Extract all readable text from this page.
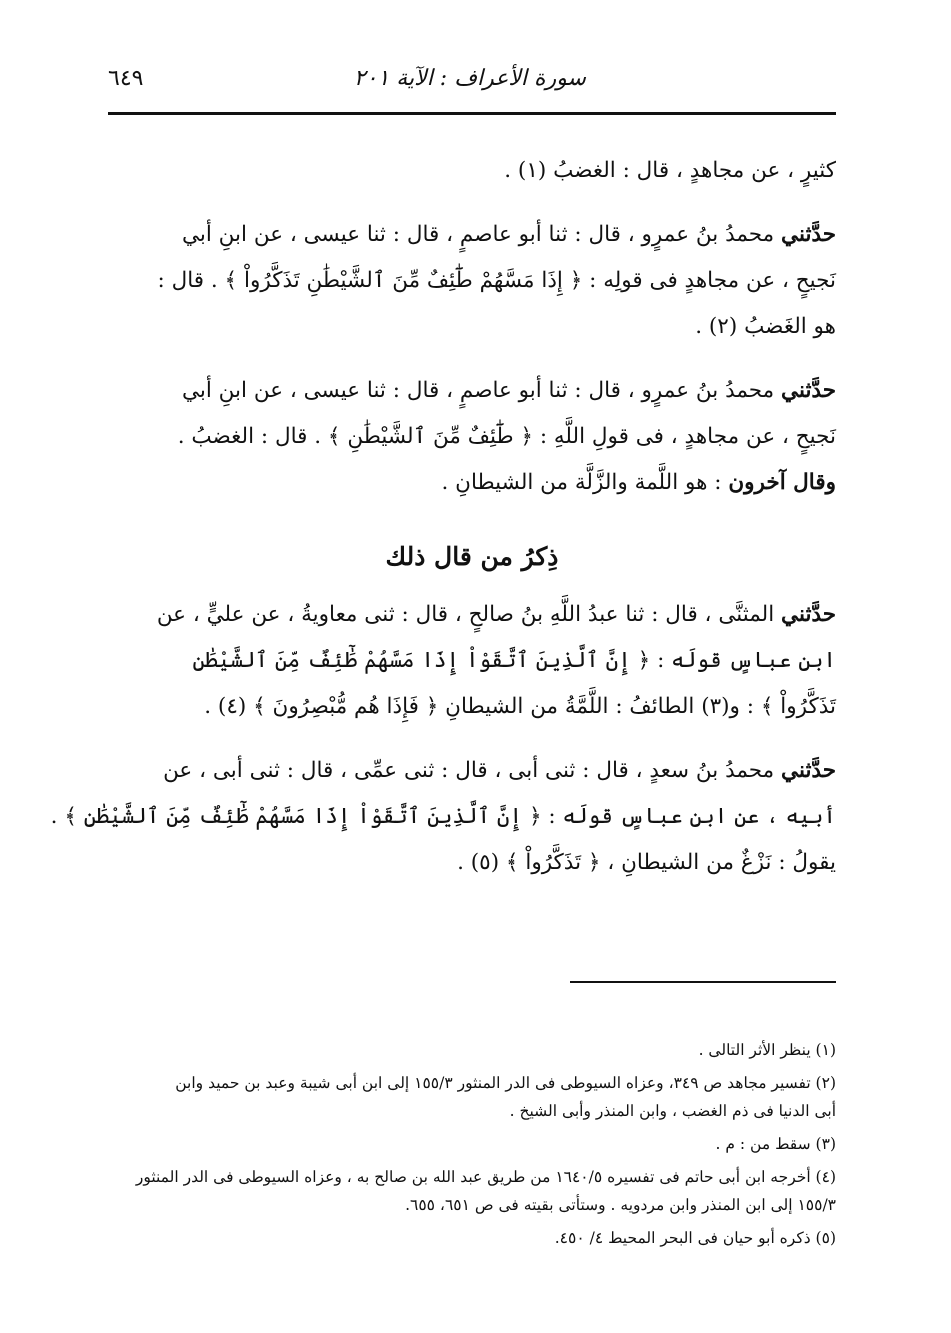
سورة الأعراف : الآية ٢٠١
٦٤٩
كثيرٍ ، عن مجاهدٍ ، قال : الغضبُ (١) .
حدَّثني محمدُ بنُ عمرٍو ، قال : ثنا أبو عاصمٍ ، قال : ثنا عيسى ، عن ابنِ أبي
نَجيحٍ ، عن مجاهدٍ فى قولِه : ﴿ إِذَا مَسَّهُمْ طَٰٓئِفٌ مِّنَ ٱلشَّيْطَٰنِ تَذَكَّرُواْ ﴾ . قال :
هو الغَضبُ (٢) .
حدَّثني محمدُ بنُ عمرٍو ، قال : ثنا أبو عاصمٍ ، قال : ثنا عيسى ، عن ابنِ أبي
نَجيحٍ ، عن مجاهدٍ ، فى قولِ اللَّهِ : ﴿ طَٰٓئِفٌ مِّنَ ٱلشَّيْطَٰنِ ﴾ . قال : الغضبُ .
وقال آخرون : هو اللَّمة والزَّلَّة من الشيطانِ .
ذِكرُ من قال ذلك
حدَّثني المثنَّى ، قال : ثنا عبدُ اللَّهِ بنُ صالحٍ ، قال : ثنى معاويةُ ، عن عليٍّ ، عن
ابنِ عباسٍ قولَه : ﴿ إِنَّ ٱلَّذِينَ ٱتَّقَوْاْ إِذَا مَسَّهُمْ طَٰٓئِفٌ مِّنَ ٱلشَّيْطَٰنِ
تَذَكَّرُواْ ﴾ : و(٣) الطائفُ : اللَّمَّةُ من الشيطانِ ﴿ فَإِذَا هُم مُّبْصِرُونَ ﴾ (٤) .
حدَّثني محمدُ بنُ سعدٍ ، قال : ثنى أبى ، قال : ثنى عمِّى ، قال : ثنى أبى ، عن
أبيه ، عن ابنِ عباسٍ قولَه : ﴿ إِنَّ ٱلَّذِينَ ٱتَّقَوْاْ إِذَا مَسَّهُمْ طَٰٓئِفٌ مِّنَ ٱلشَّيْطَٰنِ ﴾ .
يقولُ : نَزْغٌ من الشيطانِ ، ﴿ تَذَكَّرُواْ ﴾ (٥) .
(١) ينظر الأثر التالى .
(٢) تفسير مجاهد ص ٣٤٩، وعزاه السيوطى فى الدر المنثور ١٥٥/٣ إلى ابن أبى شيبة وعبد بن حميد وابن
أبى الدنيا فى ذم الغضب ، وابن المنذر وأبى الشيخ .
(٣) سقط من : م .
(٤) أخرجه ابن أبى حاتم فى تفسيره ١٦٤٠/٥ من طريق عبد الله بن صالح به ، وعزاه السيوطى فى الدر المنثور
١٥٥/٣ إلى ابن المنذر وابن مردويه . وستأتى بقيته فى ص ٦٥١، ٦٥٥.
(٥) ذكره أبو حيان فى البحر المحيط ٤/ ٤٥٠.
